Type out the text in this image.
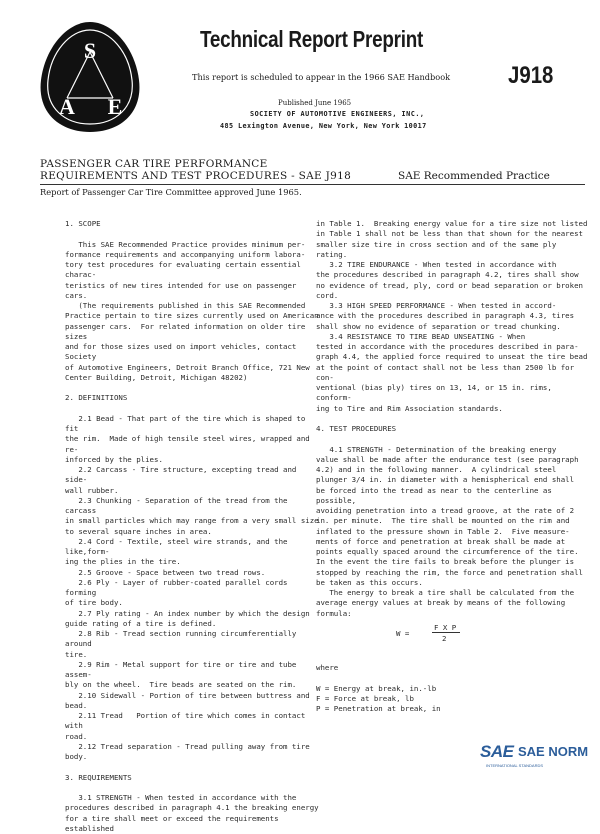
S
A E
Technical Report Preprint
This report is scheduled to appear in the 1966 SAE Handbook J918
Published June 1965
SOCIETY OF AUTOMOTIVE ENGINEERS, INC.,
485 Lexington Avenue, New York, New York 10017
PASSENGER CAR TIRE PERFORMANCE
REQUIREMENTS AND TEST PROCEDURES - SAE J918	SAE Recommended Practice
Report of Passenger Car Tire Committee approved June 1965.

1. SCOPE

This SAE Recommended Practice provides minimum per-

formance requirements and accompanying uniform labora-

tory test procedures for evaluating certain essential charac-

teristics of new tires intended for use on passenger cars.

(The requirements published in this SAE Recommended

Practice pertain to tire sizes currently used on American

passenger cars.  For related information on older tire sizes

and for those sizes used on import vehicles, contact Society

of Automotive Engineers, Detroit Branch Office, 721 New

Center Building, Detroit, Michigan 48202)

2. DEFINITIONS

2.1 Bead - That part of the tire which is shaped to fit

the rim.  Made of high tensile steel wires, wrapped and re-

inforced by the plies.

2.2 Carcass - Tire structure, excepting tread and side-

wall rubber.

2.3 Chunking - Separation of the tread from the carcass

in small particles which may range from a very small size

to several square inches in area.

2.4 Cord - Textile, steel wire strands, and the like,form-

ing the plies in the tire.

2.5 Groove - Space between two tread rows.

2.6 Ply - Layer of rubber-coated parallel cords forming

of tire body.

2.7 Ply rating - An index number by which the design

guide rating of a tire is defined.

2.8 Rib - Tread section running circumferentially around

tire.

2.9 Rim - Metal support for tire or tire and tube assem-

bly on the wheel.  Tire beads are seated on the rim.

2.10 Sidewall - Portion of tire between buttress and bead.

2.11 Tread   Portion of tire which comes in contact with

road.

2.12 Tread separation - Tread pulling away from tire

body.

3. REQUIREMENTS

3.1 STRENGTH - When tested in accordance with the

procedures described in paragraph 4.1 the breaking energy

for a tire shall meet or exceed the requirements established

in Table 1.  Breaking energy value for a tire size not listed

in Table 1 shall not be less than that shown for the nearest

smaller size tire in cross section and of the same ply rating.

3.2 TIRE ENDURANCE - When tested in accordance with

the procedures described in paragraph 4.2, tires shall show

no evidence of tread, ply, cord or bead separation or broken

cord.

3.3 HIGH SPEED PERFORMANCE - When tested in accord-

ance with the procedures described in paragraph 4.3, tires

shall show no evidence of separation or tread chunking.

3.4 RESISTANCE TO TIRE BEAD UNSEATING - When

tested in accordance with the procedures described in para-

graph 4.4, the applied force required to unseat the tire bead

at the point of contact shall not be less than 2500 lb for con-

ventional (bias ply) tires on 13, 14, or 15 in. rims, conform-

ing to Tire and Rim Association standards.

4. TEST PROCEDURES

4.1 STRENGTH - Determination of the breaking energy

value shall be made after the endurance test (see paragraph

4.2) and in the following manner.  A cylindrical steel

plunger 3/4 in. in diameter with a hemispherical end shall

be forced into the tread as near to the centerline as possible,

avoiding penetration into a tread groove, at the rate of 2

in. per minute.  The tire shall be mounted on the rim and

inflated to the pressure shown in Table 2.  Five measure-

ments of force and penetration at break shall be made at

points equally spaced around the circumference of the tire.

In the event the tire fails to break before the plunger is

stopped by reaching the rim, the force and penetration shall

be taken as this occurs.

The energy to break a tire shall be calculated from the

average energy values at break by means of the following

formula:

F X P
W =
2

where

W = Energy at break, in.-lb

F = Force at break, lb

P = Penetration at break, in

SAE SAE NORM
INTERNATIONAL STANDARDS
